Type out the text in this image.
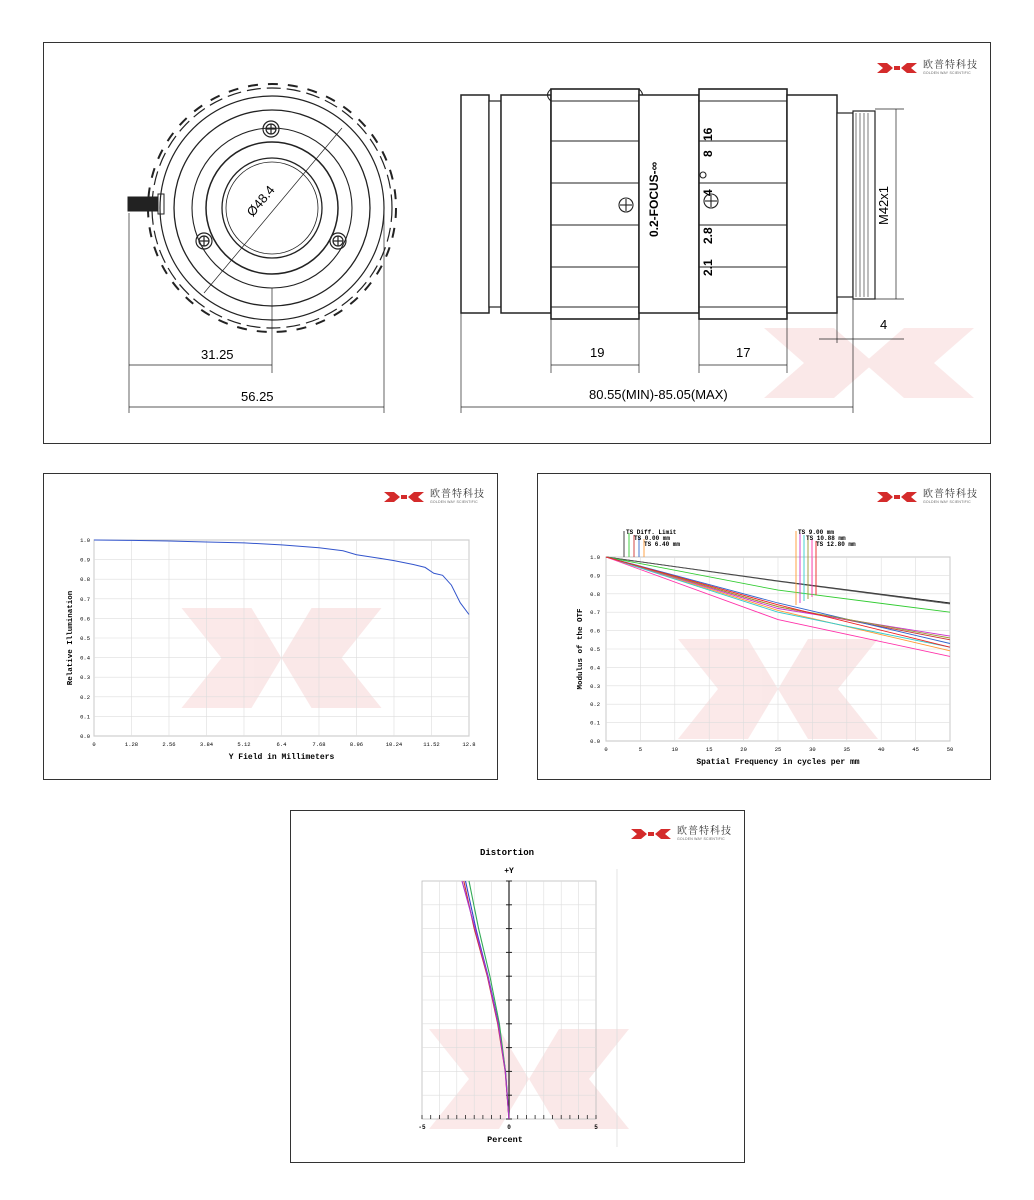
欧普特科技
GOLDEN WAY SCIENTIFIC
Ø48.4
31.25
56.25
2.1
2.8
4
8
16
0.2-FOCUS-∞	M42x1
19	17
4
80.55(MIN)-85.05(MAX)
欧普特科技
GOLDEN WAY SCIENTIFIC
0	1.28	2.56	3.84	5.12	6.4	7.68	8.96	10.24	11.52	12.8
0.0
0.1
0.2
0.3
0.4
0.5
0.6
0.7
0.8
0.9
1.0
Y Field in Millimeters
Relative Illumination
欧普特科技
GOLDEN WAY SCIENTIFIC
0	5	10	15	20	25	30	35	40	45	50
0.0
0.1
0.2
0.3
0.4
0.5
0.6
0.7
0.8
0.9
1.0
TS Diff. Limit
TS 0.00 mm
TS 6.40 mm
TS 9.00 mm
TS 10.88 mm
TS 12.80 mm
Spatial Frequency in cycles per mm
Modulus of the OTF
欧普特科技
GOLDEN WAY SCIENTIFIC
Distortion
+Y
-5	0	5
Percent
